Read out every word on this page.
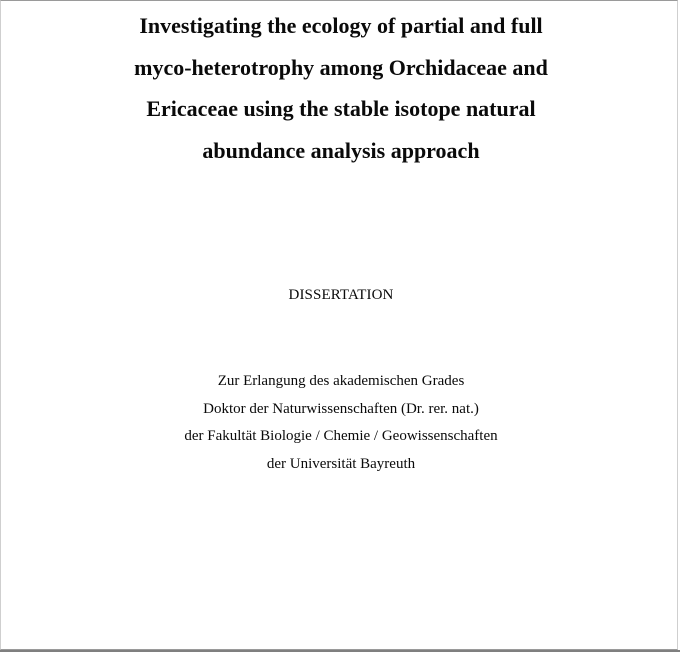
Investigating the ecology of partial and full
myco-heterotrophy among Orchidaceae and
Ericaceae using the stable isotope natural
abundance analysis approach
DISSERTATION
Zur Erlangung des akademischen Grades
Doktor der Naturwissenschaften (Dr. rer. nat.)
der Fakultät Biologie / Chemie / Geowissenschaften
der Universität Bayreuth
